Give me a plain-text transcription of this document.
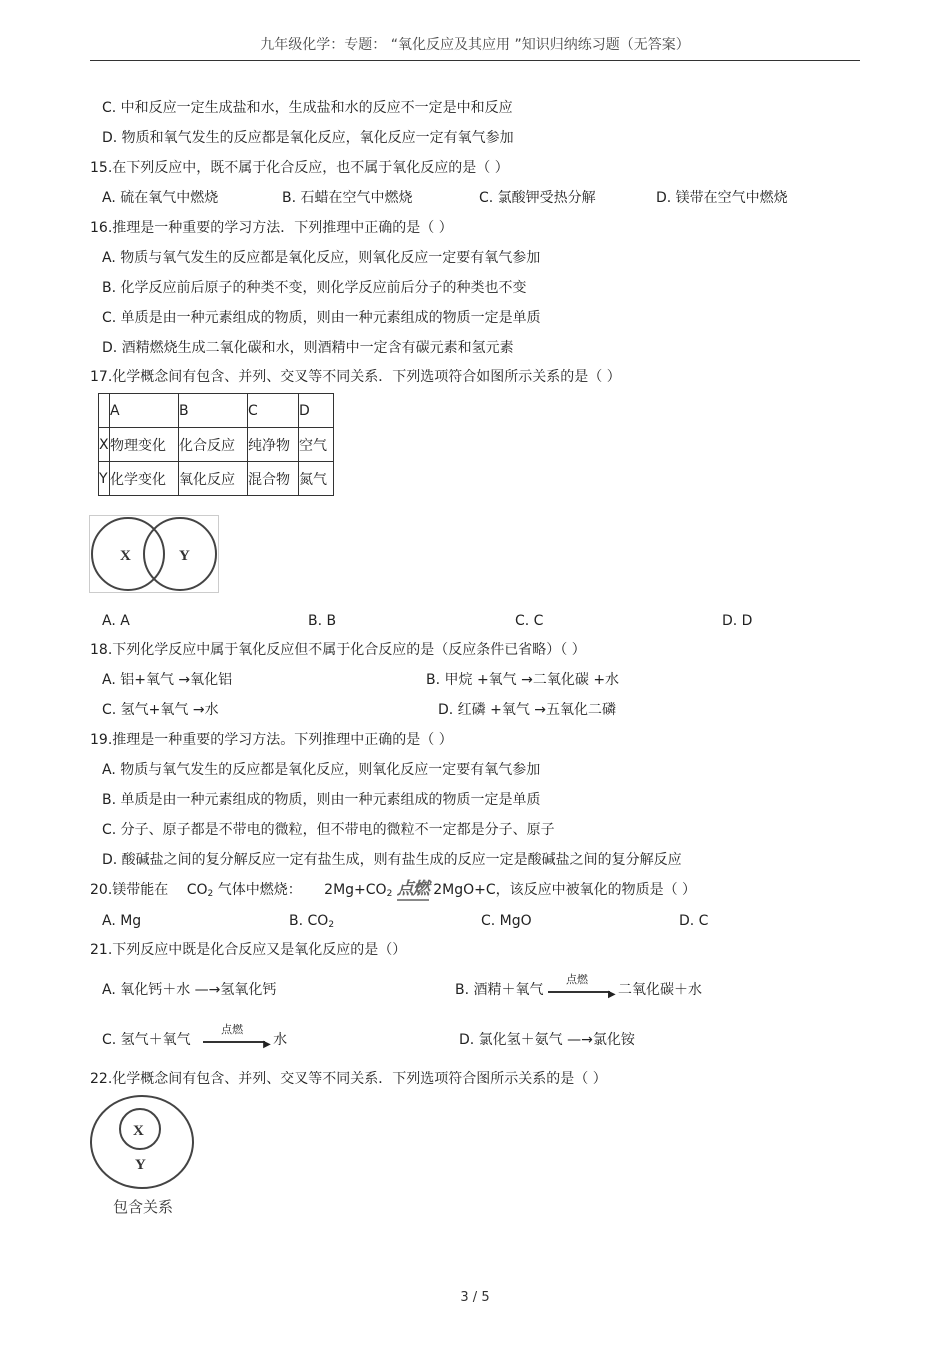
九年级化学：专题： “氧化反应及其应用 ”知识归纳练习题（无答案）
C. 中和反应一定生成盐和水，生成盐和水的反应不一定是中和反应
D. 物质和氧气发生的反应都是氧化反应，氧化反应一定有氧气参加
15.在下列反应中，既不属于化合反应，也不属于氧化反应的是（ ）
A. 硫在氧气中燃烧	B. 石蜡在空气中燃烧	C. 氯酸钾受热分解	D. 镁带在空气中燃烧
16.推理是一种重要的学习方法．下列推理中正确的是（ ）
A. 物质与氧气发生的反应都是氧化反应，则氧化反应一定要有氧气参加
B. 化学反应前后原子的种类不变，则化学反应前后分子的种类也不变
C. 单质是由一种元素组成的物质，则由一种元素组成的物质一定是单质
D. 酒精燃烧生成二氧化碳和水，则酒精中一定含有碳元素和氢元素
17.化学概念间有包含、并列、交叉等不同关系．下列选项符合如图所示关系的是（ ）
	A	B	C	D
X	物理变化	化合反应	纯净物	空气
Y	化学变化	氧化反应	混合物	氮气
X	Y
A. A	B. B	C. C	D. D
18.下列化学反应中属于氧化反应但不属于化合反应的是（反应条件已省略）（ ）
A. 铝+氧气 →氧化铝	B. 甲烷 +氧气 →二氧化碳 +水
C. 氢气+氧气 →水	D. 红磷 +氧气 →五氧化二磷
19.推理是一种重要的学习方法。下列推理中正确的是（ ）
A. 物质与氧气发生的反应都是氧化反应，则氧化反应一定要有氧气参加
B. 单质是由一种元素组成的物质，则由一种元素组成的物质一定是单质
C. 分子、原子都是不带电的微粒，但不带电的微粒不一定都是分子、原子
D. 酸碱盐之间的复分解反应一定有盐生成，则有盐生成的反应一定是酸碱盐之间的复分解反应
20.镁带能在 $CO_2$ 气体中燃烧： $2Mg+CO_2$ 点燃 2MgO+C，该反应中被氧化的物质是（ ）
A. Mg	B. $CO_2$	C. MgO	D. C
21.下列反应中既是化合反应又是氧化反应的是（）
A. 氧化钙＋水 —→氢氧化钙	B. 酒精＋氧气
点燃
▶ 二氧化碳＋水
C. 氢气＋氧气
点燃
▶ 水	D. 氯化氢＋氨气 —→氯化铵
22.化学概念间有包含、并列、交叉等不同关系．下列选项符合图所示关系的是（ ）
X
Y
包含关系
3 / 5
